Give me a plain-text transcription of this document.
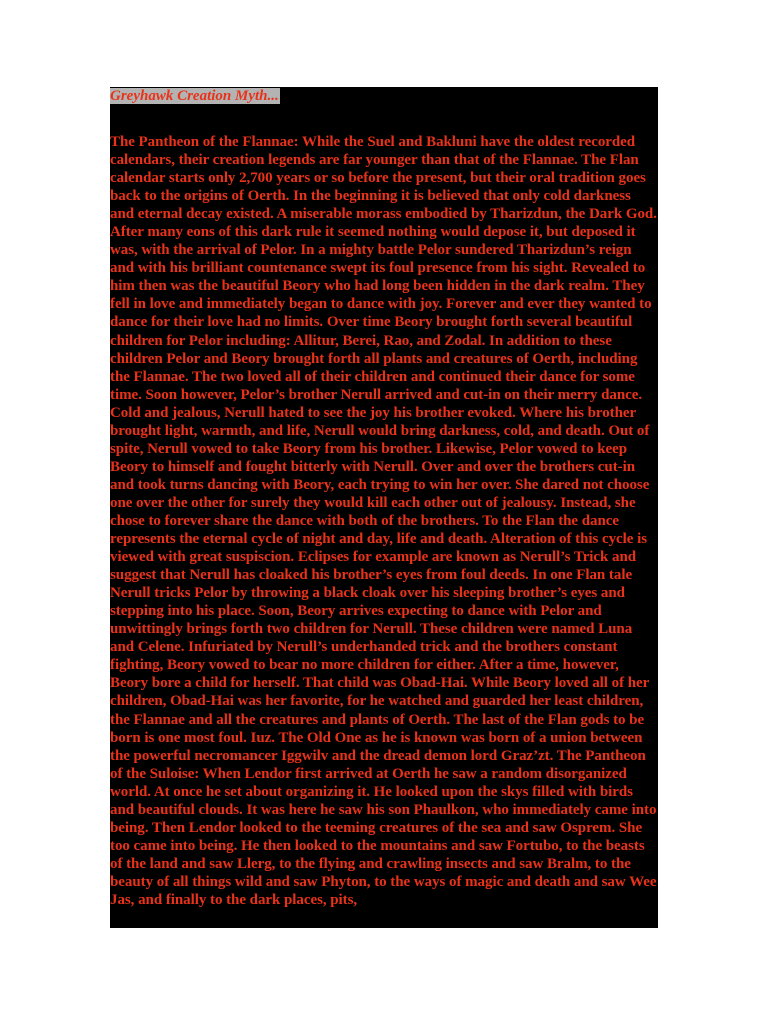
Greyhawk Creation Myth...

The Pantheon of the Flannae: While the Suel and Bakluni have the oldest recorded calendars, their creation legends are far younger than that of the Flannae. The Flan calendar starts only 2,700 years or so before the present, but their oral tradition goes back to the origins of Oerth. In the beginning it is believed that only cold darkness and eternal decay existed. A miserable morass embodied by Tharizdun, the Dark God. After many eons of this dark rule it seemed nothing would depose it, but deposed it was, with the arrival of Pelor. In a mighty battle Pelor sundered Tharizdun’s reign and with his brilliant countenance swept its foul presence from his sight. Revealed to him then was the beautiful Beory who had long been hidden in the dark realm. They fell in love and immediately began to dance with joy. Forever and ever they wanted to dance for their love had no limits. Over time Beory brought forth several beautiful children for Pelor including: Allitur, Berei, Rao, and Zodal. In addition to these children Pelor and Beory brought forth all plants and creatures of Oerth, including the Flannae. The two loved all of their children and continued their dance for some time. Soon however, Pelor’s brother Nerull arrived and cut-in on their merry dance. Cold and jealous, Nerull hated to see the joy his brother evoked. Where his brother brought light, warmth, and life, Nerull would bring darkness, cold, and death. Out of spite, Nerull vowed to take Beory from his brother. Likewise, Pelor vowed to keep Beory to himself and fought bitterly with Nerull. Over and over the brothers cut-in and took turns dancing with Beory, each trying to win her over. She dared not choose one over the other for surely they would kill each other out of jealousy. Instead, she chose to forever share the dance with both of the brothers. To the Flan the dance represents the eternal cycle of night and day, life and death. Alteration of this cycle is viewed with great suspiscion. Eclipses for example are known as Nerull’s Trick and suggest that Nerull has cloaked his brother’s eyes from foul deeds. In one Flan tale Nerull tricks Pelor by throwing a black cloak over his sleeping brother’s eyes and stepping into his place. Soon, Beory arrives expecting to dance with Pelor and unwittingly brings forth two children for Nerull. These children were named Luna and Celene. Infuriated by Nerull’s underhanded trick and the brothers constant fighting, Beory vowed to bear no more children for either. After a time, however, Beory bore a child for herself. That child was Obad-Hai. While Beory loved all of her children, Obad-Hai was her favorite, for he watched and guarded her least children, the Flannae and all the creatures and plants of Oerth. The last of the Flan gods to be born is one most foul. Iuz. The Old One as he is known was born of a union between the powerful necromancer Iggwilv and the dread demon lord Graz’zt. The Pantheon of the Suloise: When Lendor first arrived at Oerth he saw a random disorganized world. At once he set about organizing it. He looked upon the skys filled with birds and beautiful clouds. It was here he saw his son Phaulkon, who immediately came into being. Then Lendor looked to the teeming creatures of the sea and saw Osprem. She too came into being. He then looked to the mountains and saw Fortubo, to the beasts of the land and saw Llerg, to the flying and crawling insects and saw Bralm, to the beauty of all things wild and saw Phyton, to the ways of magic and death and saw Wee Jas, and finally to the dark places, pits,
